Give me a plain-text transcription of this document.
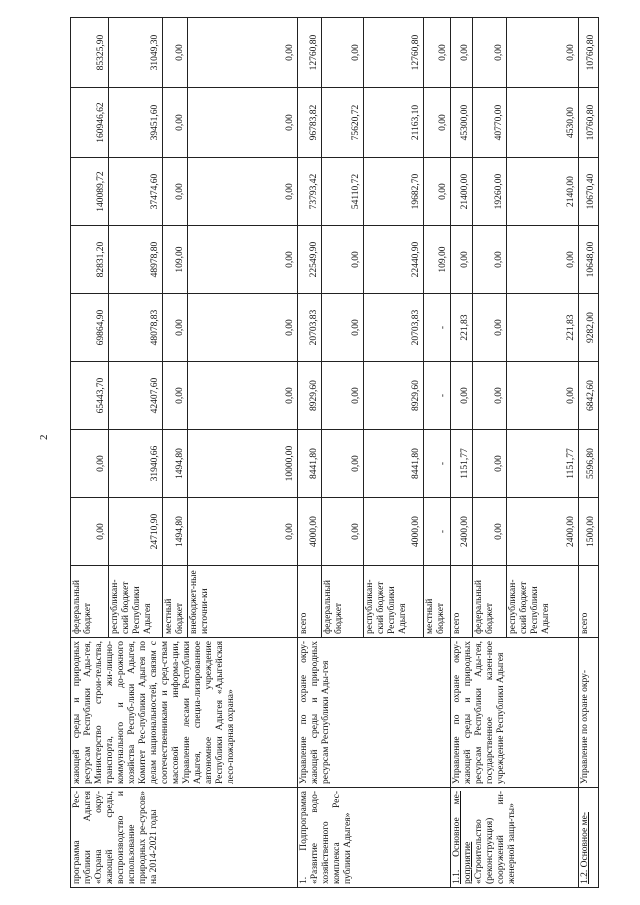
2
программа Рес-публики Адыгея «Охрана окру-жающей среды, воспроизводство и использование природных ре-сурсов» на 2014-2021 годы	жающей среды и природных ресурсам Республики Ады-гея, Министерство строи-тельства, транспорта, жи-лищно-коммунального и до-рожного хозяйства Респуб-лики Адыгея, Комитет Рес-публики Адыгея по делам национальностей, связям с соотечественниками и сред-ствам массовой информа-ции, Управление лесами Республики Адыгея, специа-лизированное автономное учреждение Республики Адыгея «Адыгейская лесо-пожарная охрана»	федеральный бюджет	0,00	0,00	65443,70	69864,90	82831,20	140089,72	160946,62	85325,90
		республикан-ский бюджет Республики Адыгея	24710,90	31940,66	42407,60	48078,83	48978,80	37474,60	39451,60	31049,30
		местный бюджет	1494,80	1494,80	0,00	0,00	109,00	0,00	0,00	0,00
		внебюджет-ные источни-ки	0,00	10000,00	0,00	0,00	0,00	0,00	0,00	0,00
1. Подпрограмма «Развитие водо-хозяйственного комплекса Рес-публики Адыгея»	Управление по охране окру-жающей среды и природных ресурсам Республики Ады-гея	всего	4000,00	8441,80	8929,60	20703,83	22549,90	73793,42	96783,82	12760,80
		федеральный бюджет	0,00	0,00	0,00	0,00	0,00	54110,72	75620,72	0,00
		республикан-ский бюджет Республики Адыгея	4000,00	8441,80	8929,60	20703,83	22440,90	19682,70	21163,10	12760,80
		местный бюджет	-	-	-	-	109,00	0,00	0,00	0,00
1.1. Основное ме-роприятие «Строительство (реконструкция) сооружений ин-женерной защи-ты»	Управление по охране окру-жающей среды и природных ресурсам Республики Ады-гея, государственное казен-ное учреждение Республики Адыгея	всего	2400,00	1151,77	0,00	221,83	0,00	21400,00	45300,00	0,00
		федеральный бюджет	0,00	0,00	0,00	0,00	0,00	19260,00	40770,00	0,00
		республикан-ский бюджет Республики Адыгея	2400,00	1151,77	0,00	221,83	0,00	2140,00	4530,00	0,00
1.2. Основное ме-	Управление по охране окру-	всего	1500,00	5596,80	6842,60	9282,00	10648,00	10670,40	10760,80	10760,80
